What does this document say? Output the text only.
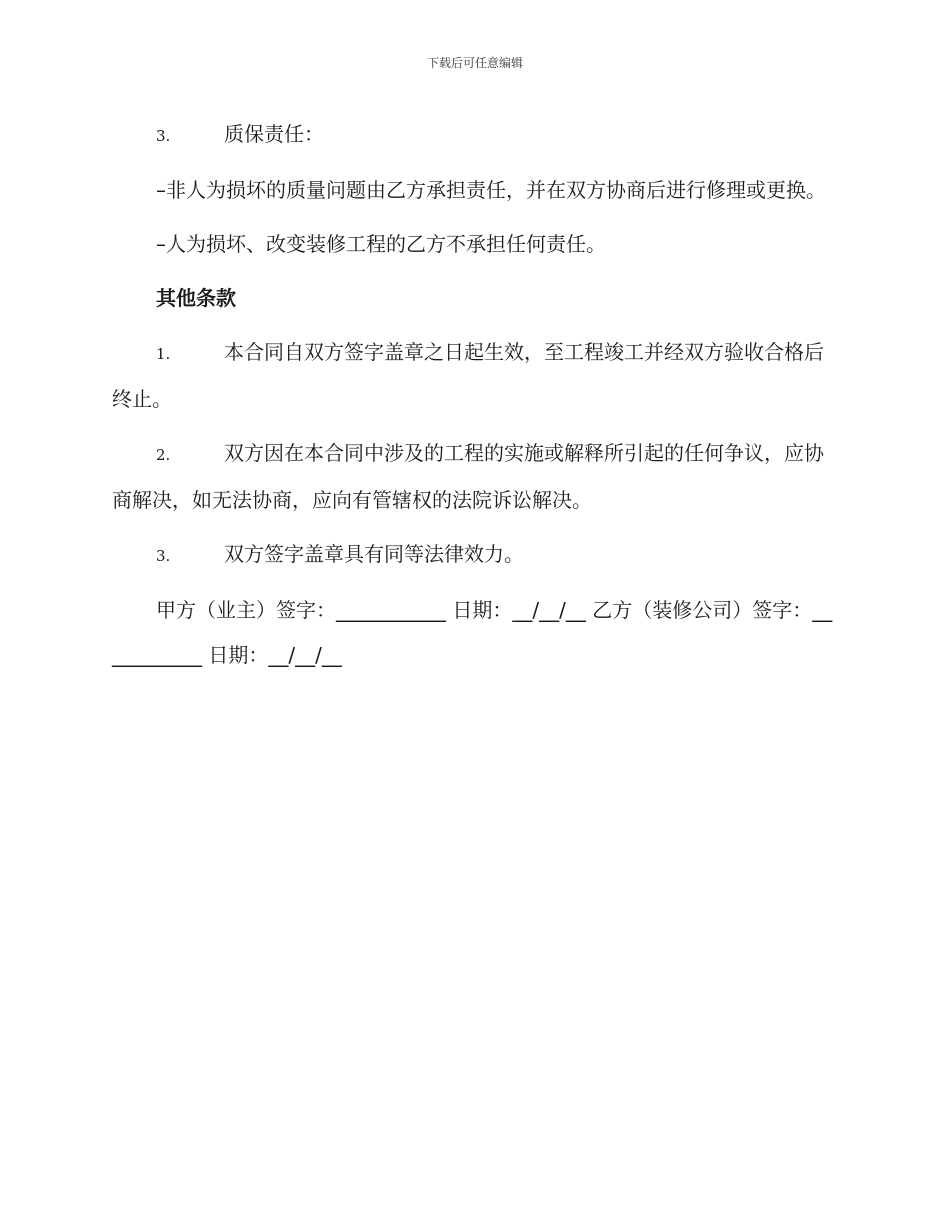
下载后可任意编辑

3.	质保责任：

–非人为损坏的质量问题由乙方承担责任，并在双方协商后进行修理或更换。

–人为损坏、改变装修工程的乙方不承担任何责任。

其他条款

1.	本合同自双方签字盖章之日起生效，至工程竣工并经双方验收合格后终止。

2.	双方因在本合同中涉及的工程的实施或解释所引起的任何争议，应协商解决，如无法协商，应向有管辖权的法院诉讼解决。

3.	双方签字盖章具有同等法律效力。

甲方（业主）签字：___________ 日期：__/__/__ 乙方（装修公司）签字：___________ 日期：__/__/__
